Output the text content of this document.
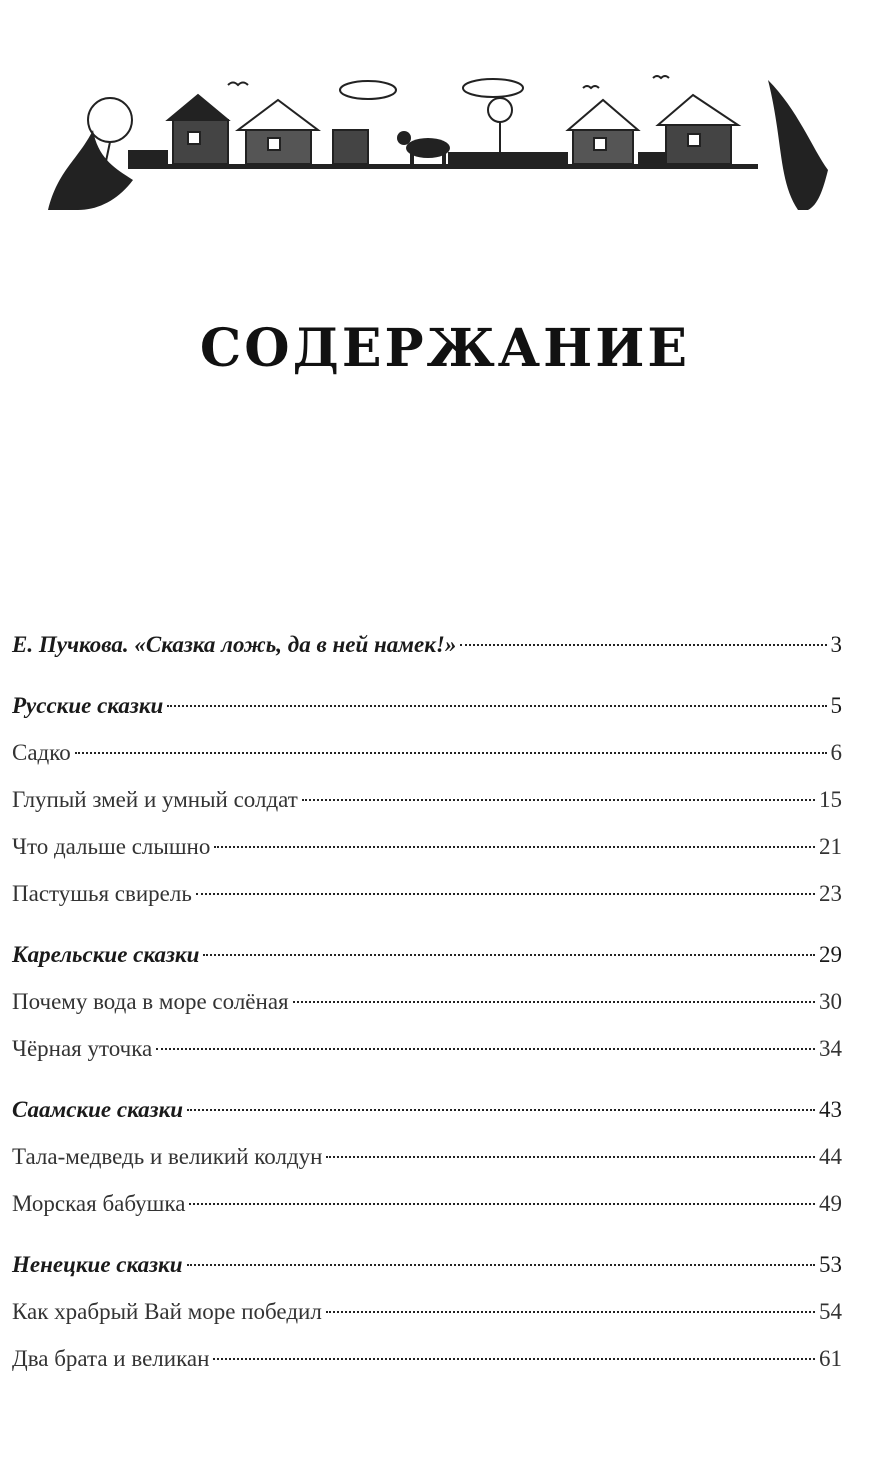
СОДЕРЖАНИЕ
Е. Пучкова. «Сказка ложь, да в ней намек!»	3
Русские сказки	5
Садко	6
Глупый змей и умный солдат	15
Что дальше слышно	21
Пастушья свирель	23
Карельские сказки	29
Почему вода в море солёная	30
Чёрная уточка	34
Саамские сказки	43
Тала-медведь и великий колдун	44
Морская бабушка	49
Ненецкие сказки	53
Как храбрый Вай море победил	54
Два брата и великан	61
